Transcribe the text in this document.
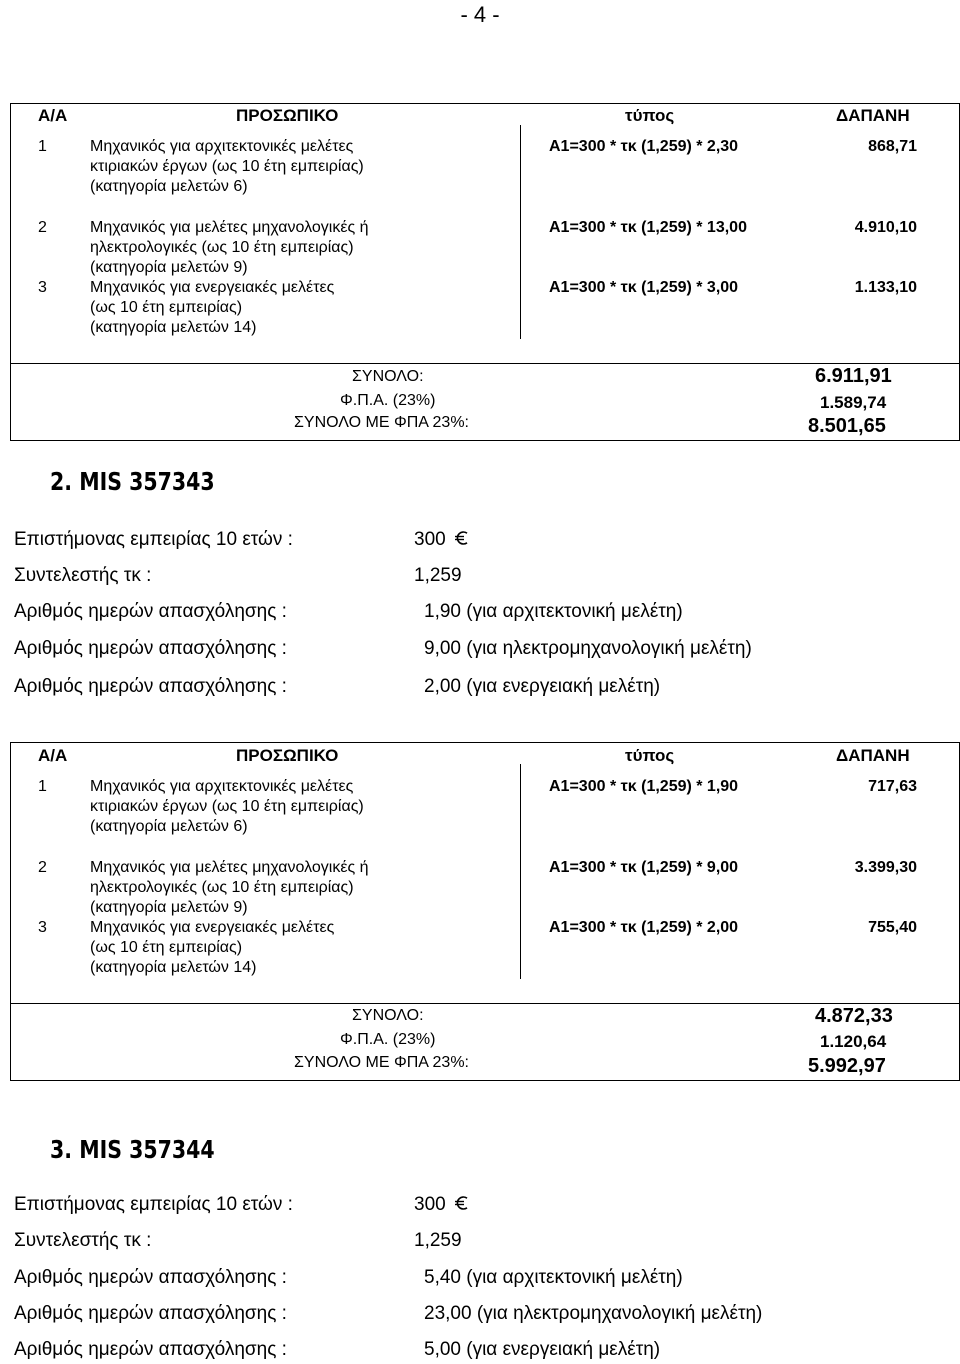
- 4 -
Α/Α	ΠΡΟΣΩΠΙΚΟ	τύπος	ΔΑΠΑΝΗ
1	Μηχανικός για αρχιτεκτονικές μελέτες
κτιριακών έργων (ως 10 έτη εμπειρίας)
(κατηγορία μελετών 6)
Α1=300 * τκ (1,259) * 2,30	868,71
2	Μηχανικός για μελέτες μηχανολογικές ή
ηλεκτρολογικές (ως 10 έτη εμπειρίας)
(κατηγορία μελετών 9)
Α1=300 * τκ (1,259) * 13,00	4.910,10
3	Μηχανικός για ενεργειακές μελέτες
(ως 10 έτη εμπειρίας)
(κατηγορία μελετών 14)
Α1=300 * τκ (1,259) * 3,00	1.133,10
ΣΥΝΟΛΟ:	6.911,91
Φ.Π.Α. (23%)	1.589,74
ΣΥΝΟΛΟ ΜΕ ΦΠΑ 23%:	8.501,65
2. MIS 357343
Επιστήμονας εμπειρίας 10 ετών :	300
Συντελεστής τκ :	1,259
Αριθμός ημερών απασχόλησης :	1,90 (για αρχιτεκτονική μελέτη)
Αριθμός ημερών απασχόλησης :	9,00 (για ηλεκτρομηχανολογική μελέτη)
Αριθμός ημερών απασχόλησης :	2,00 (για ενεργειακή μελέτη)
Α/Α	ΠΡΟΣΩΠΙΚΟ	τύπος	ΔΑΠΑΝΗ
1	Μηχανικός για αρχιτεκτονικές μελέτες
κτιριακών έργων (ως 10 έτη εμπειρίας)
(κατηγορία μελετών 6)
Α1=300 * τκ (1,259) * 1,90	717,63
2	Μηχανικός για μελέτες μηχανολογικές ή
ηλεκτρολογικές (ως 10 έτη εμπειρίας)
(κατηγορία μελετών 9)
Α1=300 * τκ (1,259) * 9,00	3.399,30
3	Μηχανικός για ενεργειακές μελέτες
(ως 10 έτη εμπειρίας)
(κατηγορία μελετών 14)
Α1=300 * τκ (1,259) * 2,00	755,40
ΣΥΝΟΛΟ:	4.872,33
Φ.Π.Α. (23%)	1.120,64
ΣΥΝΟΛΟ ΜΕ ΦΠΑ 23%:	5.992,97
3. MIS 357344
Επιστήμονας εμπειρίας 10 ετών :	300
Συντελεστής τκ :	1,259
Αριθμός ημερών απασχόλησης :	5,40 (για αρχιτεκτονική μελέτη)
Αριθμός ημερών απασχόλησης :	23,00 (για ηλεκτρομηχανολογική μελέτη)
Αριθμός ημερών απασχόλησης :	5,00 (για ενεργειακή μελέτη)
